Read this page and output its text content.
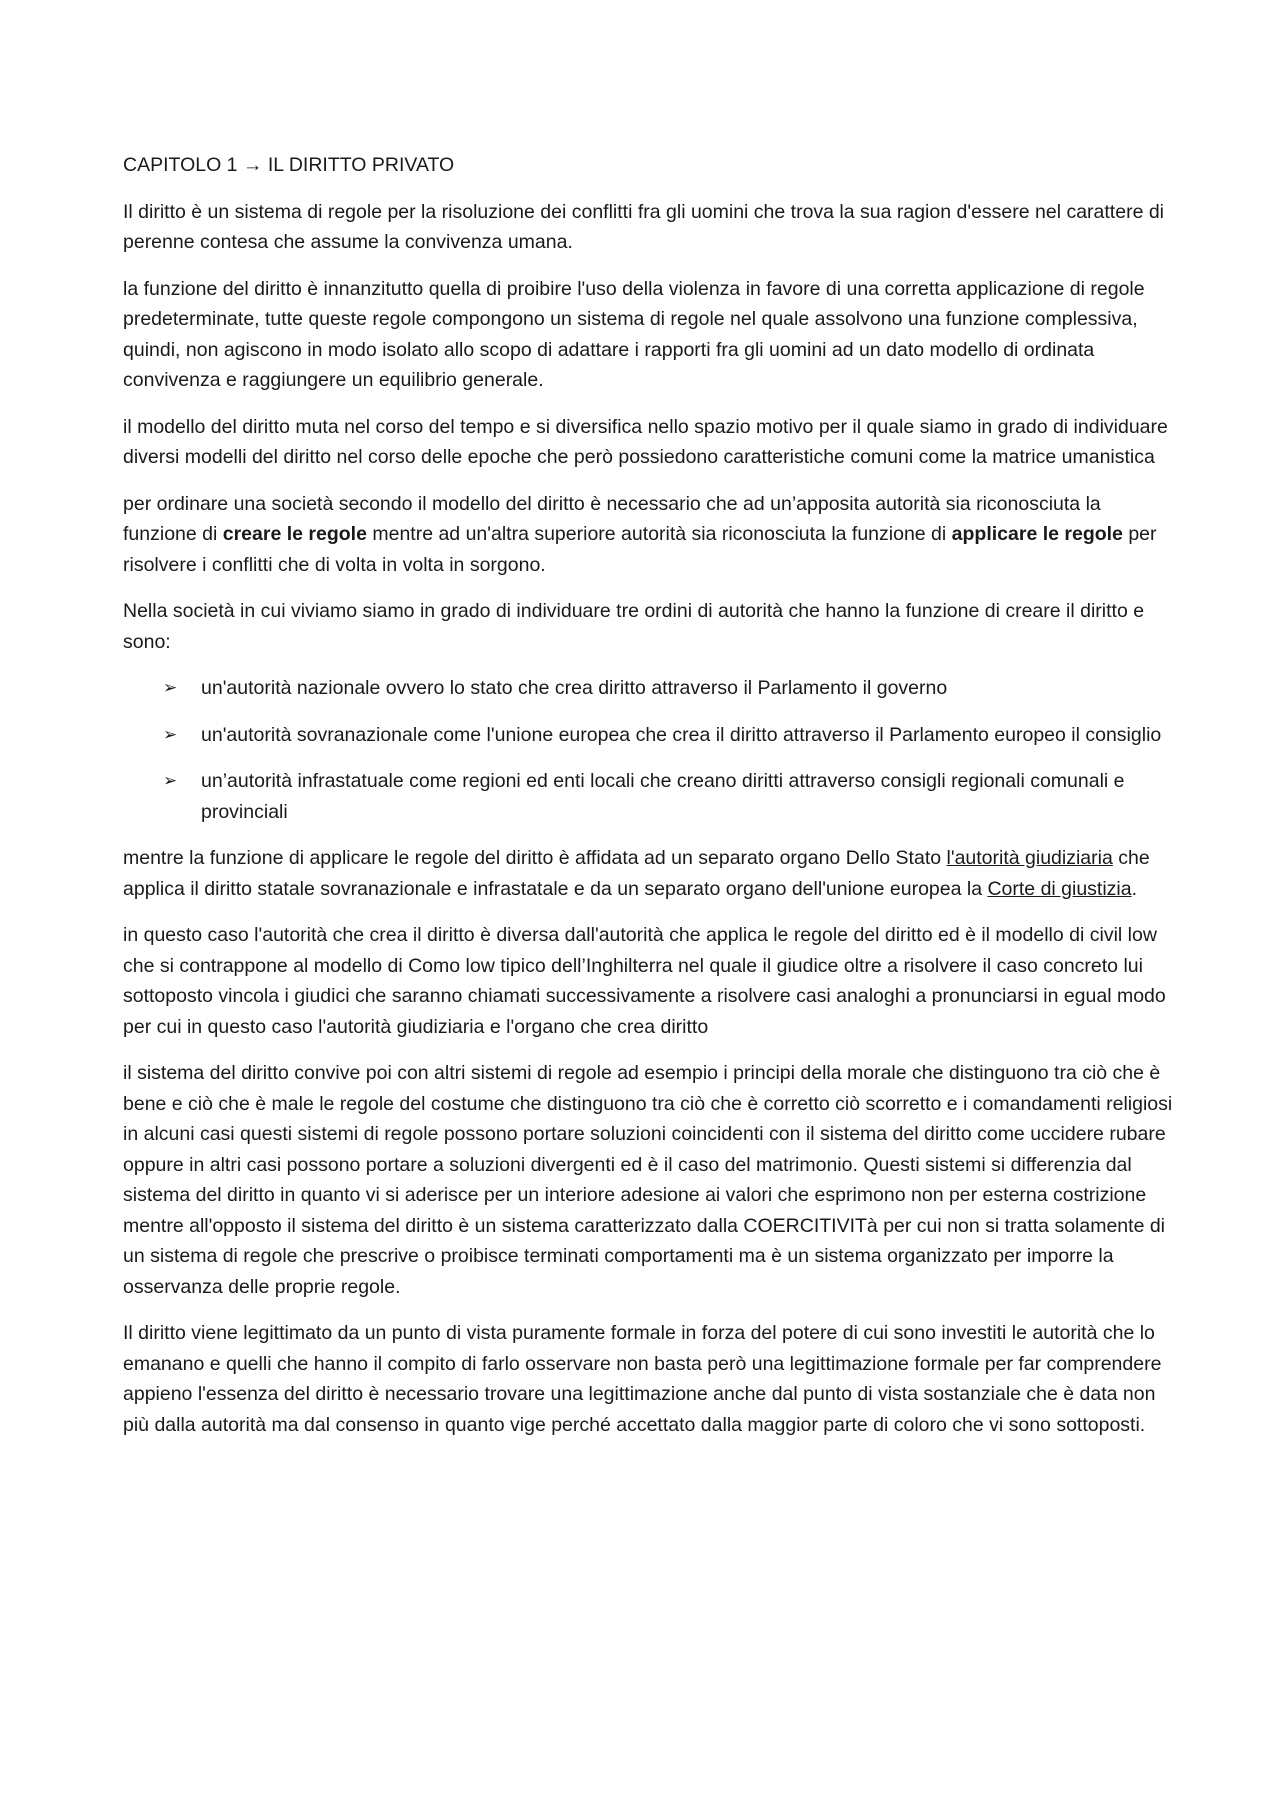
CAPITOLO 1 → IL DIRITTO PRIVATO

Il diritto è un sistema di regole per la risoluzione dei conflitti fra gli uomini che trova la sua ragion d'essere nel carattere di perenne contesa che assume la convivenza umana.

la funzione del diritto è innanzitutto quella di proibire l'uso della violenza in favore di una corretta applicazione di regole predeterminate, tutte queste regole compongono un sistema di regole nel quale assolvono una funzione complessiva, quindi, non agiscono in modo isolato allo scopo di adattare i rapporti fra gli uomini ad un dato modello di ordinata convivenza e raggiungere un equilibrio generale.

il modello del diritto muta nel corso del tempo e si diversifica nello spazio motivo per il quale siamo in grado di individuare diversi modelli del diritto nel corso delle epoche che però possiedono caratteristiche comuni come la matrice umanistica

per ordinare una società secondo il modello del diritto è necessario che ad un’apposita autorità sia riconosciuta la funzione di creare le regole mentre ad un'altra superiore autorità sia riconosciuta la funzione di applicare le regole per risolvere i conflitti che di volta in volta in sorgono.

Nella società in cui viviamo siamo in grado di individuare tre ordini di autorità che hanno la funzione di creare il diritto e sono:

➢ un'autorità nazionale ovvero lo stato che crea diritto attraverso il Parlamento il governo
➢ un'autorità sovranazionale come l'unione europea che crea il diritto attraverso il Parlamento europeo il consiglio
➢ un’autorità infrastatuale come regioni ed enti locali che creano diritti attraverso consigli regionali comunali e provinciali

mentre la funzione di applicare le regole del diritto è affidata ad un separato organo Dello Stato l'autorità giudiziaria che applica il diritto statale sovranazionale e infrastatale e da un separato organo dell'unione europea la Corte di giustizia.

in questo caso l'autorità che crea il diritto è diversa dall'autorità che applica le regole del diritto ed è il modello di civil low che si contrappone al modello di Como low tipico dell’Inghilterra nel quale il giudice oltre a risolvere il caso concreto lui sottoposto vincola i giudici che saranno chiamati successivamente a risolvere casi analoghi a pronunciarsi in egual modo per cui in questo caso l'autorità giudiziaria e l'organo che crea diritto

il sistema del diritto convive poi con altri sistemi di regole ad esempio i principi della morale che distinguono tra ciò che è bene e ciò che è male le regole del costume che distinguono tra ciò che è corretto ciò scorretto e i comandamenti religiosi in alcuni casi questi sistemi di regole possono portare soluzioni coincidenti con il sistema del diritto come uccidere rubare oppure in altri casi possono portare a soluzioni divergenti ed è il caso del matrimonio. Questi sistemi si differenzia dal sistema del diritto in quanto vi si aderisce per un interiore adesione ai valori che esprimono non per esterna costrizione mentre all'opposto il sistema del diritto è un sistema caratterizzato dalla COERCITIVITà per cui non si tratta solamente di un sistema di regole che prescrive o proibisce terminati comportamenti ma è un sistema organizzato per imporre la osservanza delle proprie regole.

Il diritto viene legittimato da un punto di vista puramente formale in forza del potere di cui sono investiti le autorità che lo emanano e quelli che hanno il compito di farlo osservare non basta però una legittimazione formale per far comprendere appieno l'essenza del diritto è necessario trovare una legittimazione anche dal punto di vista sostanziale che è data non più dalla autorità ma dal consenso in quanto vige perché accettato dalla maggior parte di coloro che vi sono sottoposti.
